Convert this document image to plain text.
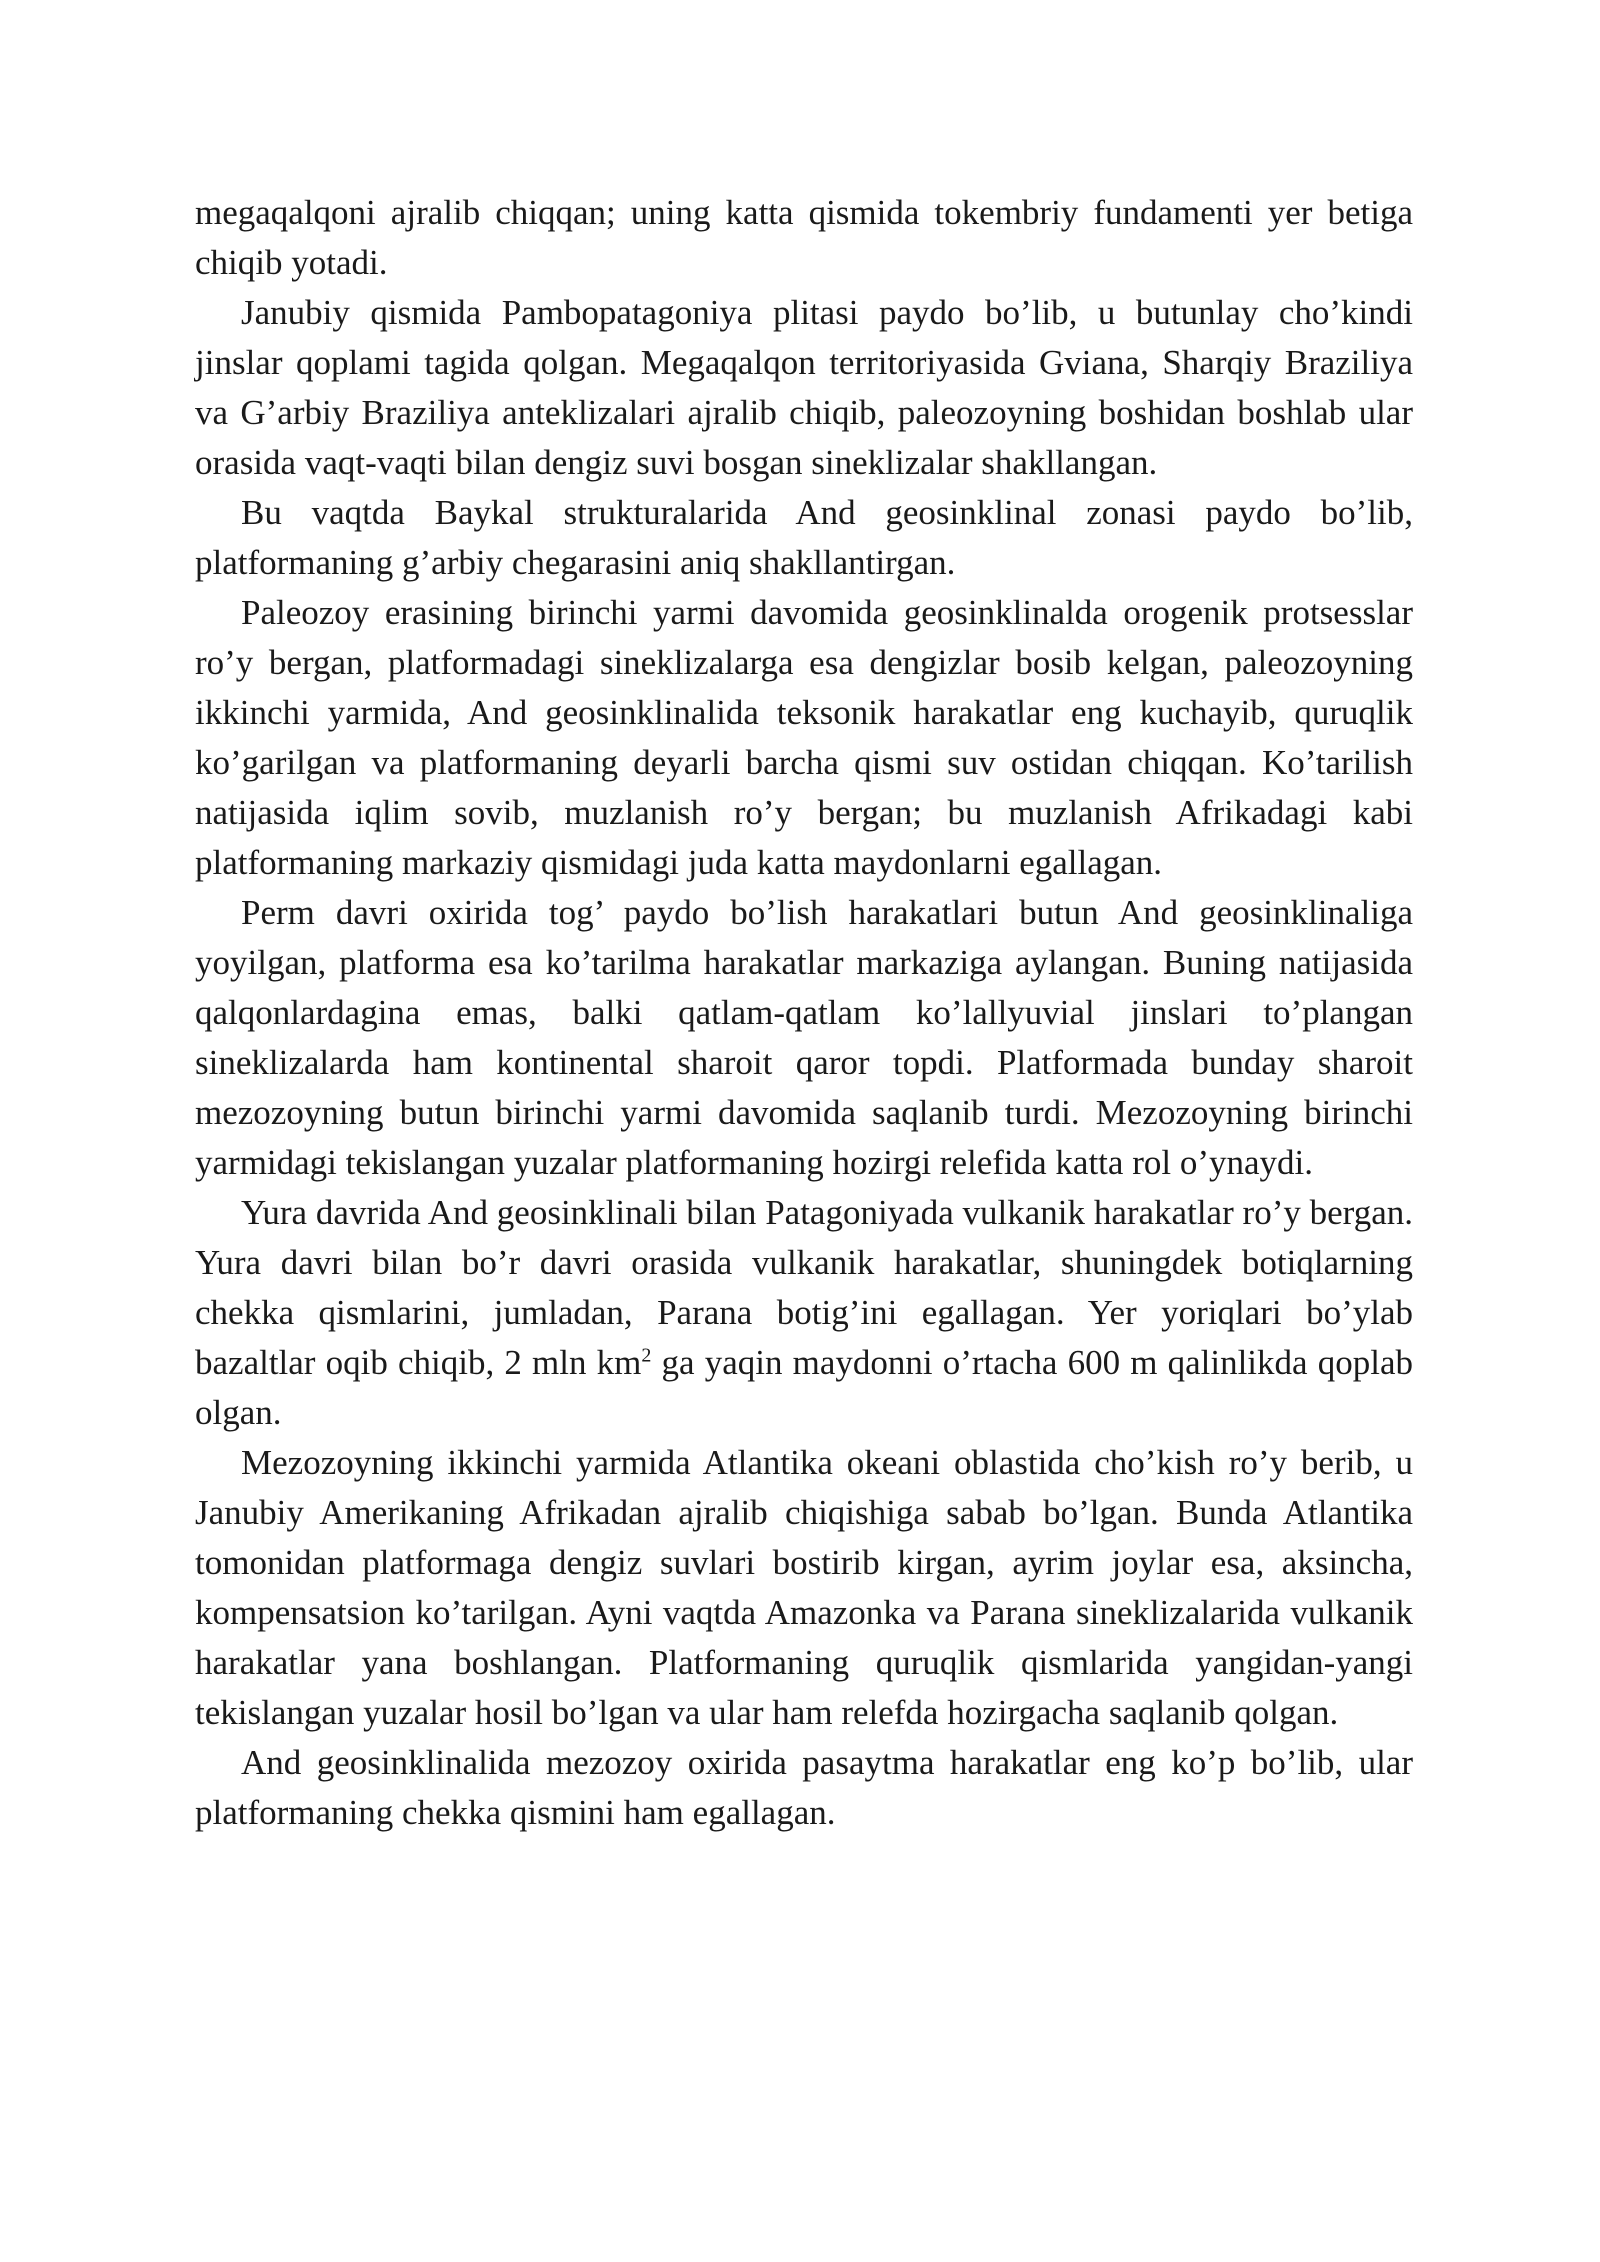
megaqalqoni ajralib chiqqan; uning katta qismida tokembriy fundamenti yer betiga chiqib yotadi.

Janubiy qismida Pambopatagoniya plitasi paydo bo’lib, u butunlay cho’kindi jinslar qoplami tagida qolgan. Megaqalqon territoriyasida Gviana, Sharqiy Braziliya va G’arbiy Braziliya anteklizalari ajralib chiqib, paleozoyning boshidan boshlab ular orasida vaqt-vaqti bilan dengiz suvi bosgan sineklizalar shakllangan.

Bu vaqtda Baykal strukturalarida And geosinklinal zonasi paydo bo’lib, platformaning g’arbiy chegarasini aniq shakllantirgan.

Paleozoy erasining birinchi yarmi davomida geosinklinalda orogenik protsesslar ro’y bergan, platformadagi sineklizalarga esa dengizlar bosib kelgan, paleozoyning ikkinchi yarmida, And geosinklinalida teksonik harakatlar eng kuchayib, quruqlik ko’garilgan va platformaning deyarli barcha qismi suv ostidan chiqqan. Ko’tarilish natijasida iqlim sovib, muzlanish ro’y bergan; bu muzlanish Afrikadagi kabi platformaning markaziy qismidagi juda katta maydonlarni egallagan.

Perm davri oxirida tog’ paydo bo’lish harakatlari butun And geosinklinaliga yoyilgan, platforma esa ko’tarilma harakatlar markaziga aylangan. Buning natijasida qalqonlardagina emas, balki qatlam-qatlam ko’lallyuvial jinslari to’plangan sineklizalarda ham kontinental sharoit qaror topdi. Platformada bunday sharoit mezozoyning butun birinchi yarmi davomida saqlanib turdi. Mezozoyning birinchi yarmidagi tekislangan yuzalar platformaning hozirgi relefida katta rol o’ynaydi.

Yura davrida And geosinklinali bilan Patagoniyada vulkanik harakatlar ro’y bergan. Yura davri bilan bo’r davri orasida vulkanik harakatlar, shuningdek botiqlarning chekka qismlarini, jumladan, Parana botig’ini egallagan. Yer yoriqlari bo’ylab bazaltlar oqib chiqib, 2 mln $km^2$ ga yaqin maydonni o’rtacha 600 m qalinlikda qoplab olgan.

Mezozoyning ikkinchi yarmida Atlantika okeani oblastida cho’kish ro’y berib, u Janubiy Amerikaning Afrikadan ajralib chiqishiga sabab bo’lgan. Bunda Atlantika tomonidan platformaga dengiz suvlari bostirib kirgan, ayrim joylar esa, aksincha, kompensatsion ko’tarilgan. Ayni vaqtda Amazonka va Parana sineklizalarida vulkanik harakatlar yana boshlangan. Platformaning quruqlik qismlarida yangidan-yangi tekislangan yuzalar hosil bo’lgan va ular ham relefda hozirgacha saqlanib qolgan.

And geosinklinalida mezozoy oxirida pasaytma harakatlar eng ko’p bo’lib, ular platformaning chekka qismini ham egallagan.
